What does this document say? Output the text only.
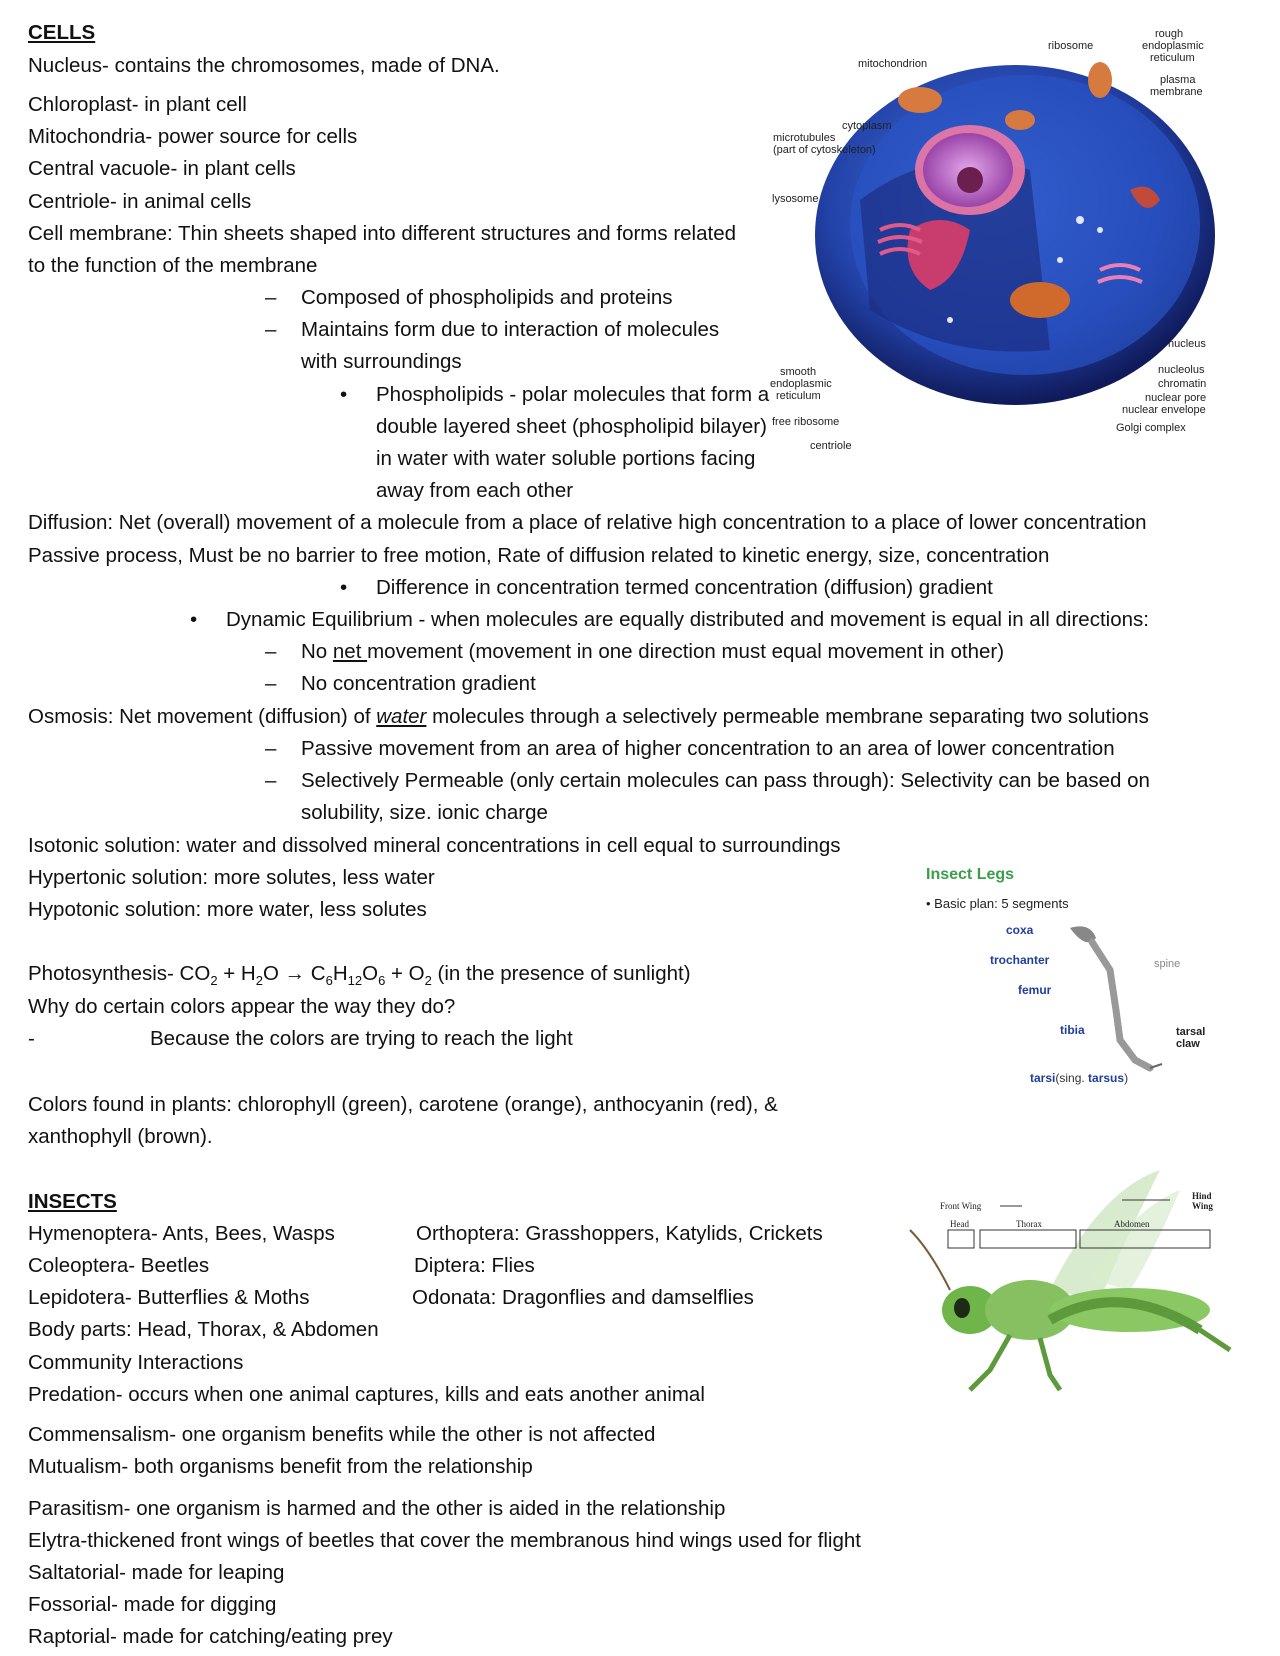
CELLS
Nucleus- contains the chromosomes, made of DNA.
Chloroplast- in plant cell
Mitochondria- power source for cells
Central vacuole- in plant cells
Centriole- in animal cells
Cell membrane: Thin sheets shaped into different structures and forms related
to the function of the membrane
– Composed of phospholipids and proteins
– Maintains form due to interaction of molecules
with surroundings
• Phospholipids - polar molecules that form a
double layered sheet (phospholipid bilayer)
in water with water soluble portions facing
away from each other
Diffusion: Net (overall) movement of a molecule from a place of relative high concentration to a place of lower concentration
Passive process, Must be no barrier to free motion, Rate of diffusion related to kinetic energy, size, concentration
• Difference in concentration termed concentration (diffusion) gradient
• Dynamic Equilibrium - when molecules are equally distributed and movement is equal in all directions:
– No net movement (movement in one direction must equal movement in other)
– No concentration gradient
Osmosis: Net movement (diffusion) of water molecules through a selectively permeable membrane separating two solutions
– Passive movement from an area of higher concentration to an area of lower concentration
– Selectively Permeable (only certain molecules can pass through): Selectivity can be based on
solubility, size. ionic charge
Isotonic solution: water and dissolved mineral concentrations in cell equal to surroundings
Hypertonic solution: more solutes, less water
Hypotonic solution: more water, less solutes
Photosynthesis- $CO_2 + H_2O \to C_6H_{12}O_6 + O_2$ (in the presence of sunlight)
Why do certain colors appear the way they do?
-	Because the colors are trying to reach the light
Colors found in plants: chlorophyll (green), carotene (orange), anthocyanin (red), &
xanthophyll (brown).
INSECTS
Hymenoptera- Ants, Bees, Wasps	Orthoptera: Grasshoppers, Katylids, Crickets
Coleoptera- Beetles	Diptera: Flies
Lepidotera- Butterflies & Moths	Odonata: Dragonflies and damselflies
Body parts: Head, Thorax, & Abdomen
Community Interactions
Predation- occurs when one animal captures, kills and eats another animal
Commensalism- one organism benefits while the other is not affected
Mutualism- both organisms benefit from the relationship
Parasitism- one organism is harmed and the other is aided in the relationship
Elytra-thickened front wings of beetles that cover the membranous hind wings used for flight
Saltatorial- made for leaping
Fossorial- made for digging
Raptorial- made for catching/eating prey
mitochondrion
ribosome
rough
endoplasmic
reticulum
plasma
membrane
cytoplasm
microtubules
(part of cytoskeleton)
lysosome
nucleus
nucleolus
chromatin
nuclear pore
nuclear envelope
Golgi complex
smooth
endoplasmic
reticulum
free ribosome
centriole
Insect Legs
• Basic plan: 5 segments
coxa
trochanter
femur
tibia
tarsi(sing. tarsus)
spine
tarsal
claw
Front Wing
Hind
Wing
Head	Thorax	Abdomen
